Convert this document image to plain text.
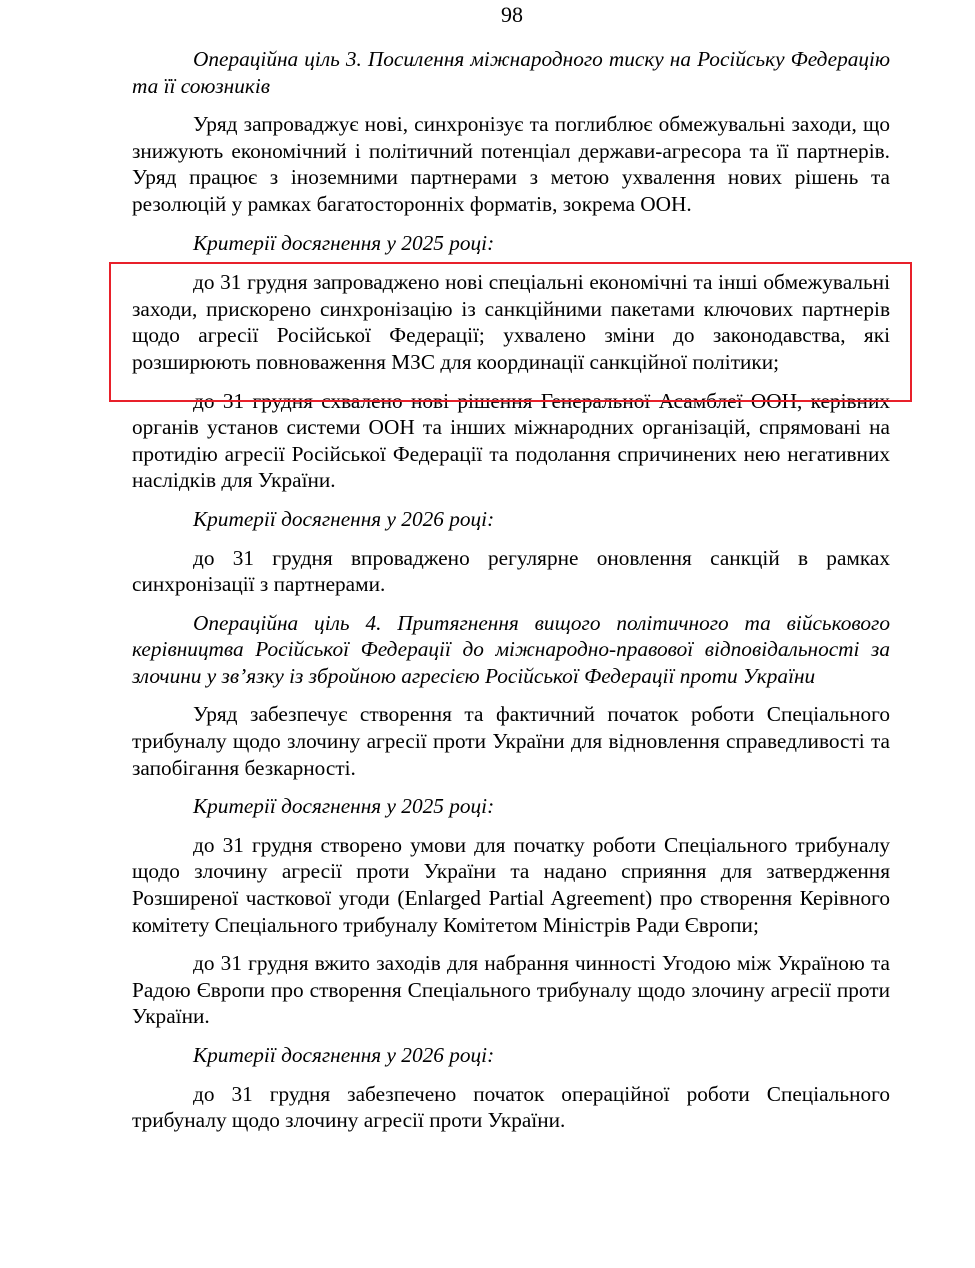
98

Операційна ціль 3. Посилення міжнародного тиску на Російську Федерацію та її союзників

Уряд запроваджує нові, синхронізує та поглиблює обмежувальні заходи, що знижують економічний і політичний потенціал держави-агресора та її партнерів. Уряд працює з іноземними партнерами з метою ухвалення нових рішень та резолюцій у рамках багатосторонніх форматів, зокрема ООН.

Критерії досягнення у 2025 році:

до 31 грудня запроваджено нові спеціальні економічні та інші обмежувальні заходи, прискорено синхронізацію із санкційними пакетами ключових партнерів щодо агресії Російської Федерації; ухвалено зміни до законодавства, які розширюють повноваження МЗС для координації санкційної політики;

до 31 грудня схвалено нові рішення Генеральної Асамблеї ООН, керівних органів установ системи ООН та інших міжнародних організацій, спрямовані на протидію агресії Російської Федерації та подолання спричинених нею негативних наслідків для України.

Критерії досягнення у 2026 році:

до 31 грудня впроваджено регулярне оновлення санкцій в рамках синхронізації з партнерами.

Операційна ціль 4. Притягнення вищого політичного та військового керівництва Російської Федерації до міжнародно-правової відповідальності за злочини у зв’язку із збройною агресією Російської Федерації проти України

Уряд забезпечує створення та фактичний початок роботи Спеціального трибуналу щодо злочину агресії проти України для відновлення справедливості та запобігання безкарності.

Критерії досягнення у 2025 році:

до 31 грудня створено умови для початку роботи Спеціального трибуналу щодо злочину агресії проти України та надано сприяння для затвердження Розширеної часткової угоди (Enlarged Partial Agreement) про створення Керівного комітету Спеціального трибуналу Комітетом Міністрів Ради Європи;

до 31 грудня вжито заходів для набрання чинності Угодою між Україною та Радою Європи про створення Спеціального трибуналу щодо злочину агресії проти України.

Критерії досягнення у 2026 році:

до 31 грудня забезпечено початок операційної роботи Спеціального трибуналу щодо злочину агресії проти України.
